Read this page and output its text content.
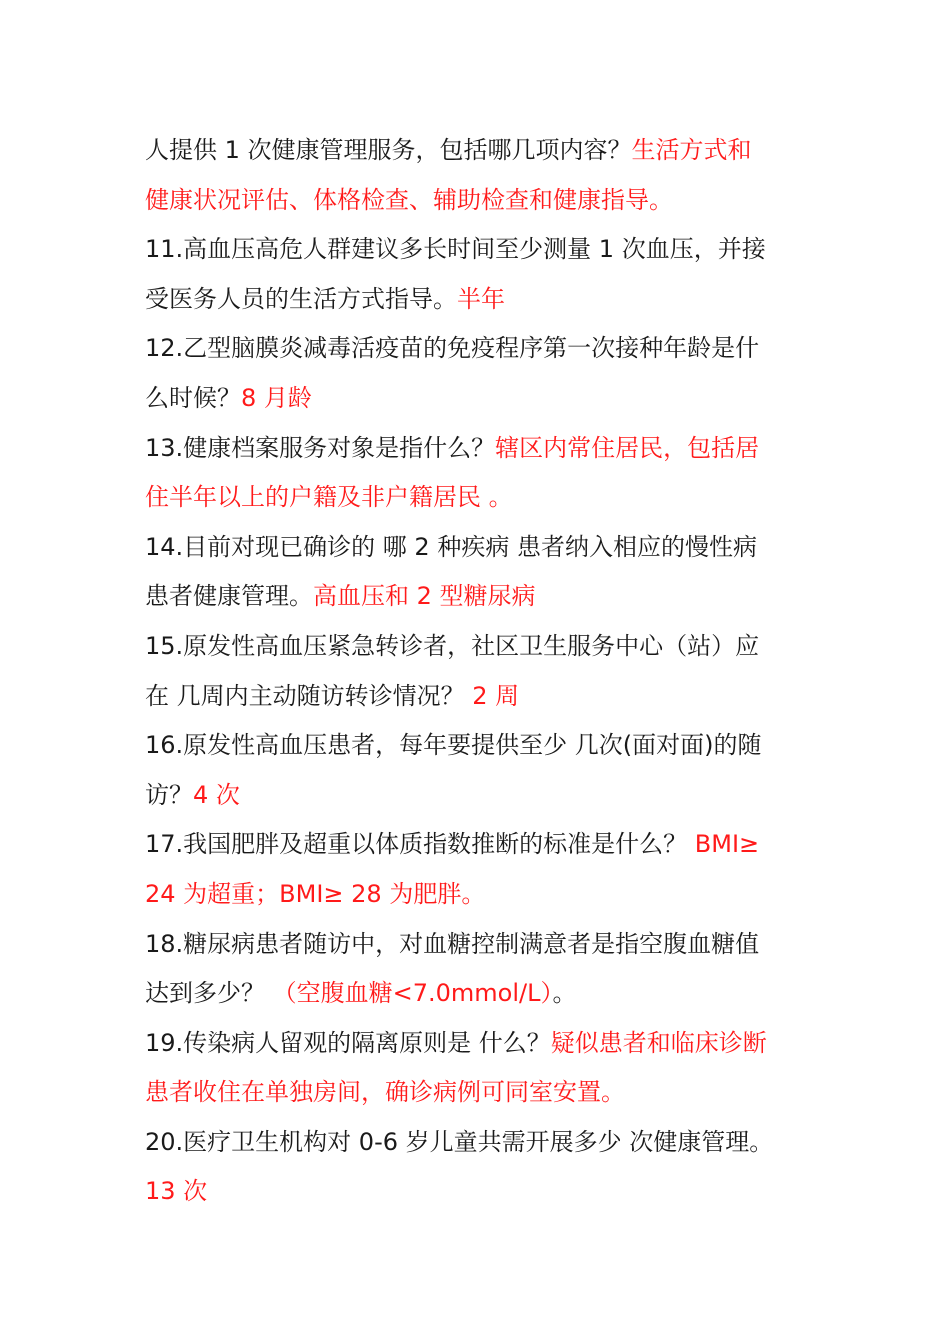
人提供 1 次健康管理服务，包括哪几项内容？生活方式和
健康状况评估、体格检查、辅助检查和健康指导。
11.高血压高危人群建议多长时间至少测量 1 次血压，并接
受医务人员的生活方式指导。半年
12.乙型脑膜炎减毒活疫苗的免疫程序第一次接种年龄是什
么时候？8 月龄
13.健康档案服务对象是指什么？辖区内常住居民，包括居
住半年以上的户籍及非户籍居民 。
14.目前对现已确诊的 哪 2 种疾病 患者纳入相应的慢性病
患者健康管理。高血压和 2 型糖尿病
15.原发性高血压紧急转诊者，社区卫生服务中心（站）应
在 几周内主动随访转诊情况？ 2 周
16.原发性高血压患者，每年要提供至少 几次(面对面)的随
访？4 次
17.我国肥胖及超重以体质指数推断的标准是什么？ BMI≥
24 为超重；BMI≥ 28 为肥胖。
18.糖尿病患者随访中，对血糖控制满意者是指空腹血糖值
达到多少？ （空腹血糖<7.0mmol/L）。
19.传染病人留观的隔离原则是 什么？疑似患者和临床诊断
患者收住在单独房间，确诊病例可同室安置。
20.医疗卫生机构对 0-6 岁儿童共需开展多少 次健康管理。
13 次
